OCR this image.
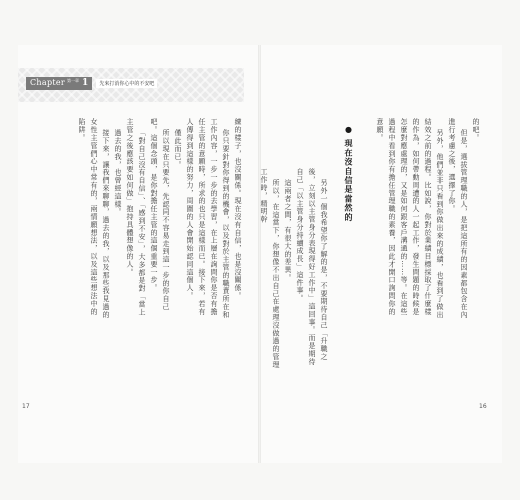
Chapter 第一章 1	先來打消你心中的不安吧

的吧。

但是，選拔管理職的人，是把這所有的因素都包含在內進行考慮之後，選擇了你。

另外，他們並非只看到你做出來的成績，也看到了做出結效之前的過程。比如說，你對於業績目標採取了什麼樣的作為，如何帶動周遭的人一起工作，發生問題的時候是怎麼對應處理的，又是如何跟客戶溝通的……等。在這些過程中看到你有擔任管理職的素養，因此才開口詢問你的意願。

● 現在沒自信是當然的

另外一個我希望你了解的是，不要期待自己「升職之後，立刻以主管身分表現得好工作中」這回事。而是期待自己「以主管身分持續成長」這件事。

這兩者之間，有很大的差異。

所以，在這當下，你想像不出自己在處理沒做過的管理工作時，精明幹

練的樣子，也沒關係。現在沒有自信，也是沒關係。

你只要針對你得到的機會，以及對於主管的職責所在和工作內容，一步一步的去學習，在上層在詢問你是否有擔任主管的意願時，所求的也只是這樣而已。接下來，若有人傳得到這樣的努力，周圍的人會開始認同這個人。

僅此而已。

所以現在只要先，先認同不容易走到這一步的你自己吧。這個念頭，是你對擔任主管的這個重要一步。

「對自己沒有自信」、「感到不安」，大多都是對「當上主管之後應該要如何做」抱持具體想像的人。

過去的我，也曾經這樣。

接下來，讓我們來聊聊，過去的我，以及那些我見過的女性主管們心中常有的，兩情願想法，以及這些想法中的陷阱。

17	16
